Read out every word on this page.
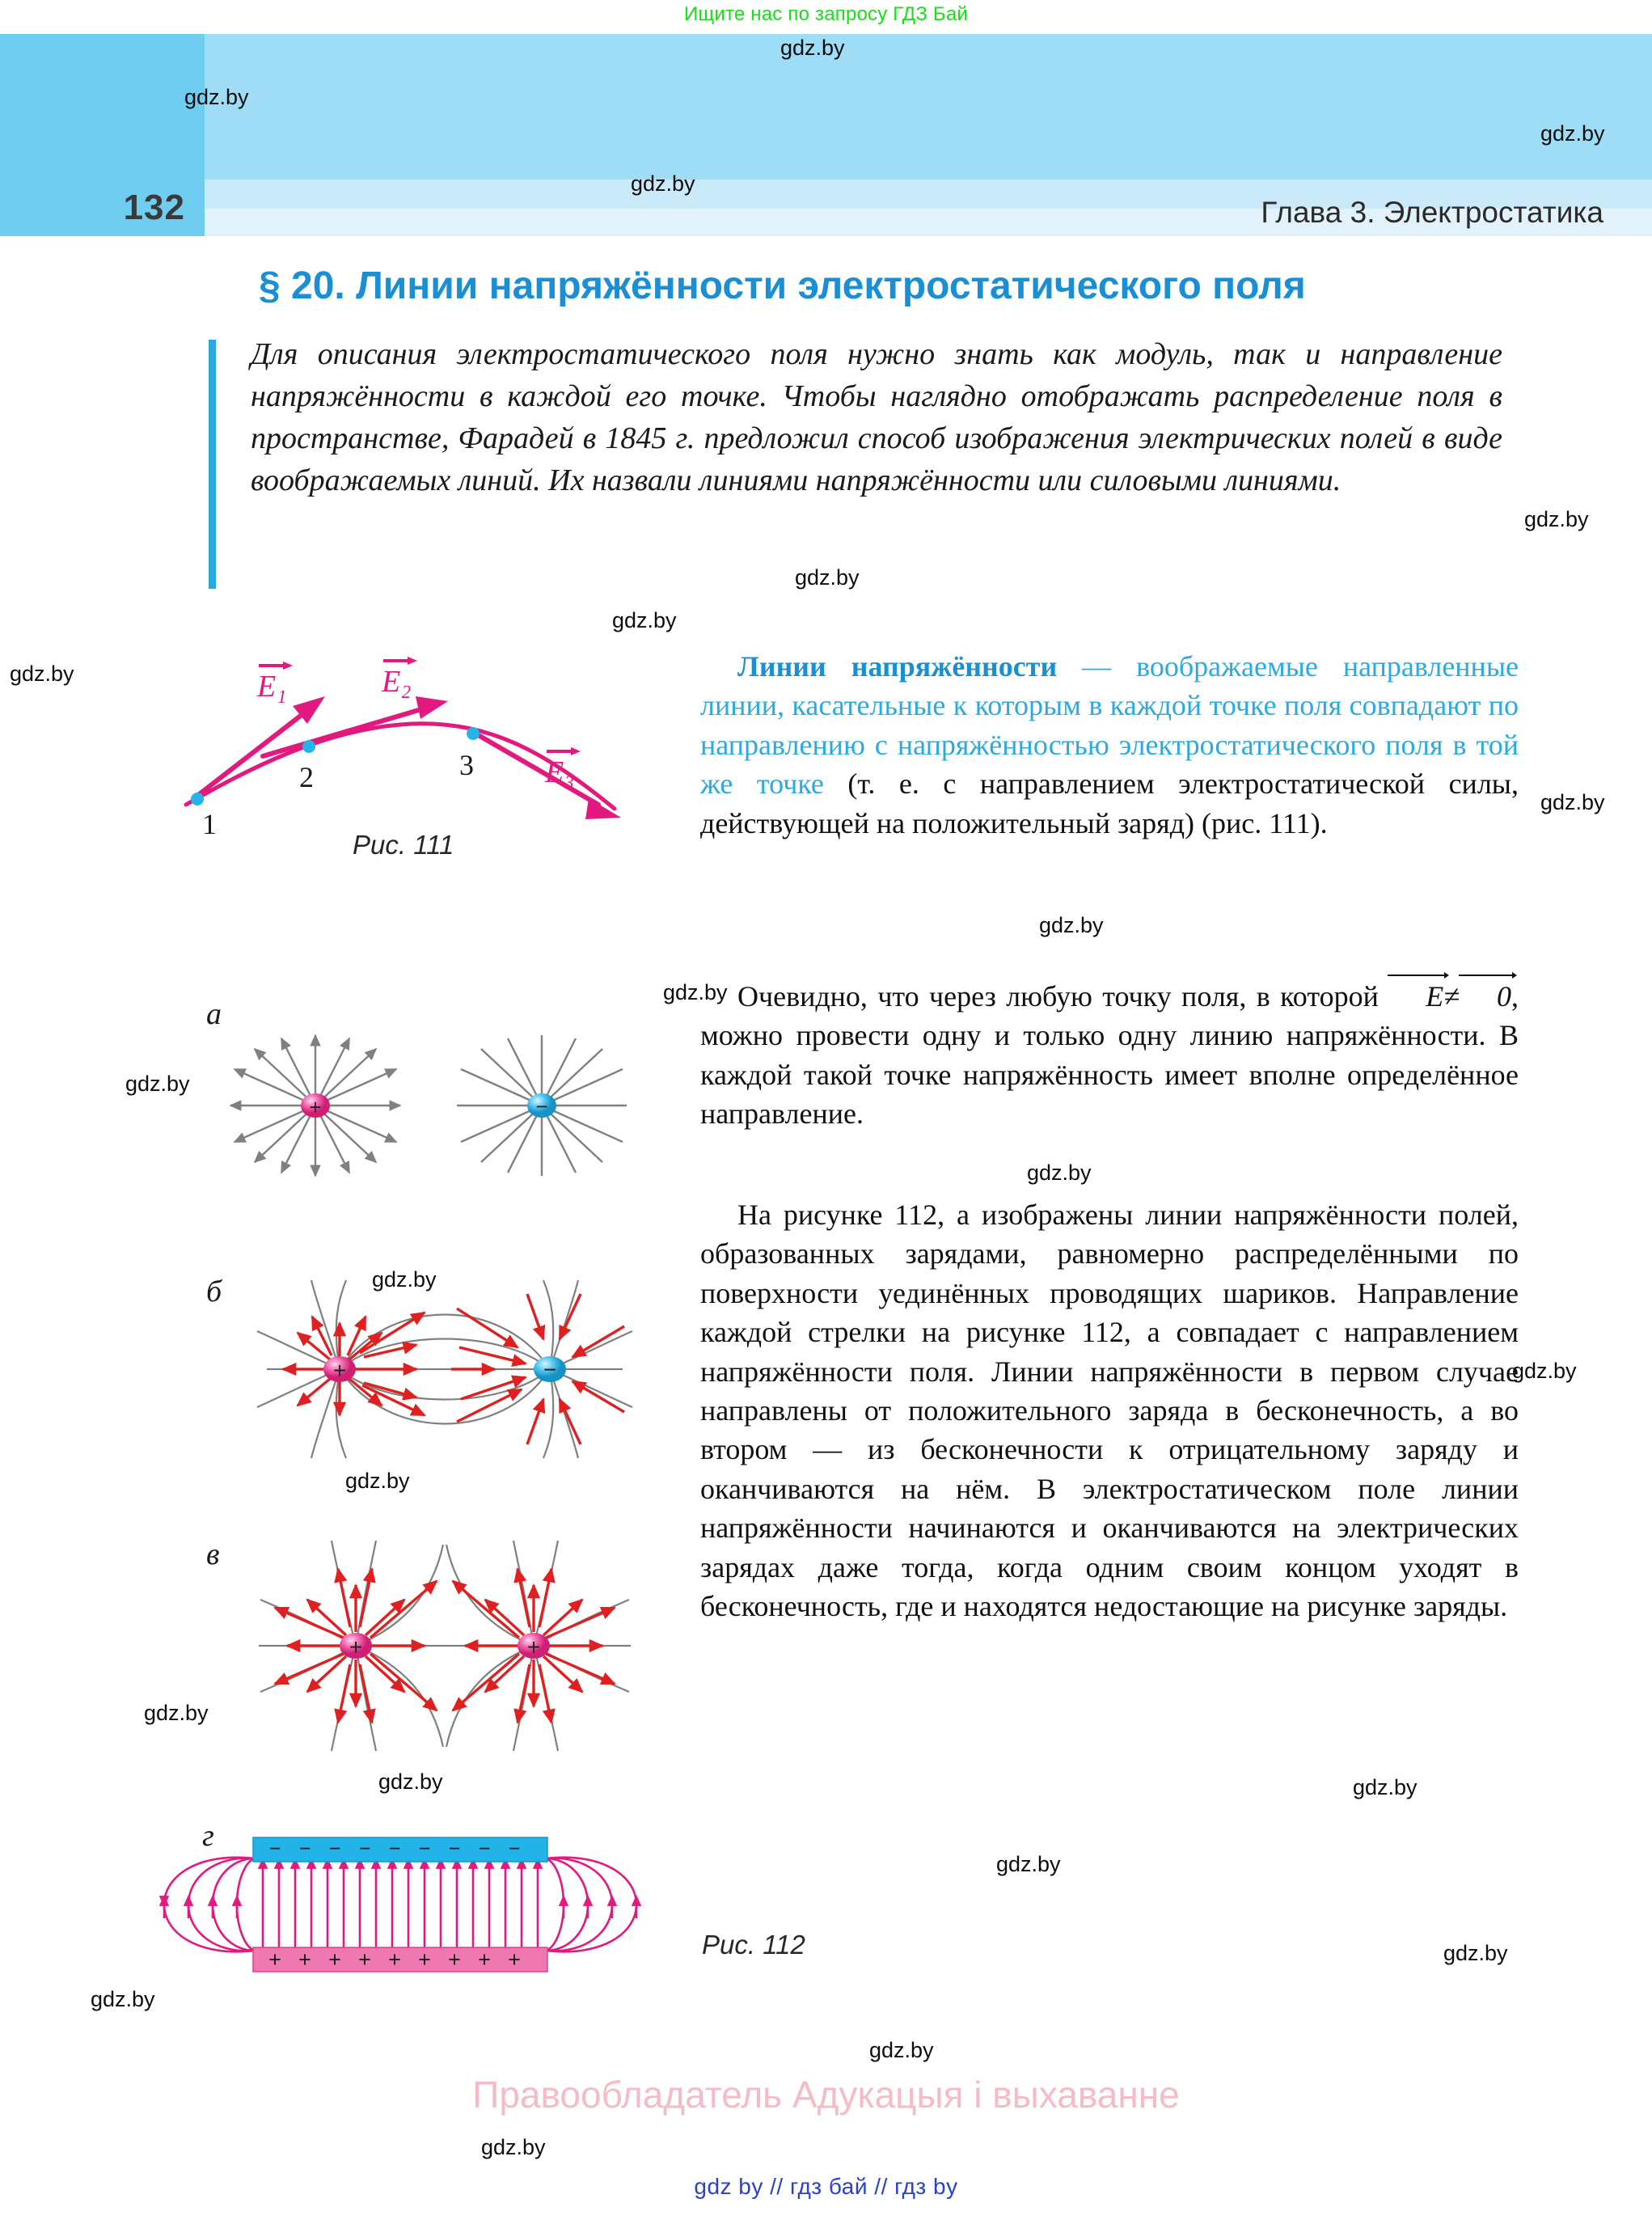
Ищите нас по запросу ГДЗ Бай
132	Глава 3. Электростатика
§ 20. Линии напряжённости электростатического поля
Для описания электростатического поля нужно знать как модуль, так и направление напряжённости в каждой его точке. Чтобы наглядно отображать распределение поля в пространстве, Фарадей в 1845 г. предложил способ изображения электрических полей в виде воображаемых линий. Их назвали линиями напряжённости или силовыми линиями.
1
2	3
E₁	E₂
E₃
Рис. 111
Линии напряжённости — воображаемые направленные линии, касательные к которым в каждой точке поля совпадают по направлению с напряжённостью электростатического поля в той же точке (т. е. с направлением электростатической силы, действующей на положительный заряд) (рис. 111).
Очевидно, что через любую точку поля, в которой E≠ 0, можно провести одну и только одну линию напряжённости. В каждой такой точке напряжённость имеет вполне определённое направление.
На рисунке 112, а изображены линии напряжённости полей, образованных зарядами, равномерно распределёнными по поверхности уединённых проводящих шариков. Направление каждой стрелки на рисунке 112, а совпадает с направлением напряжённости поля. Линии напряжённости в первом случае направлены от положительного заряда в бесконечность, а во втором — из бесконечности к отрицательному заряду и оканчиваются на нём. В электростатическом поле линии напряжённости начинаются и оканчиваются на электрических зарядах даже тогда, когда одним своим концом уходят в бесконечность, где и находятся недостающие на рисунке заряды.
а
б
в
г
+	−
+	−
+	+
− − − − − − − − −
+ + + + + + + + +	Рис. 112
Правообладатель Адукацыя і выхаванне
gdz by // гдз бай // гдз by
gdz.by
gdz.by
gdz.by
gdz.by
gdz.by
gdz.by
gdz.by
gdz.by
gdz.by
gdz.by
gdz.by
gdz.by
gdz.by
gdz.by
gdz.by
gdz.by
gdz.by
gdz.by	gdz.by
gdz.by
gdz.by
gdz.by
gdz.by
gdz.by
